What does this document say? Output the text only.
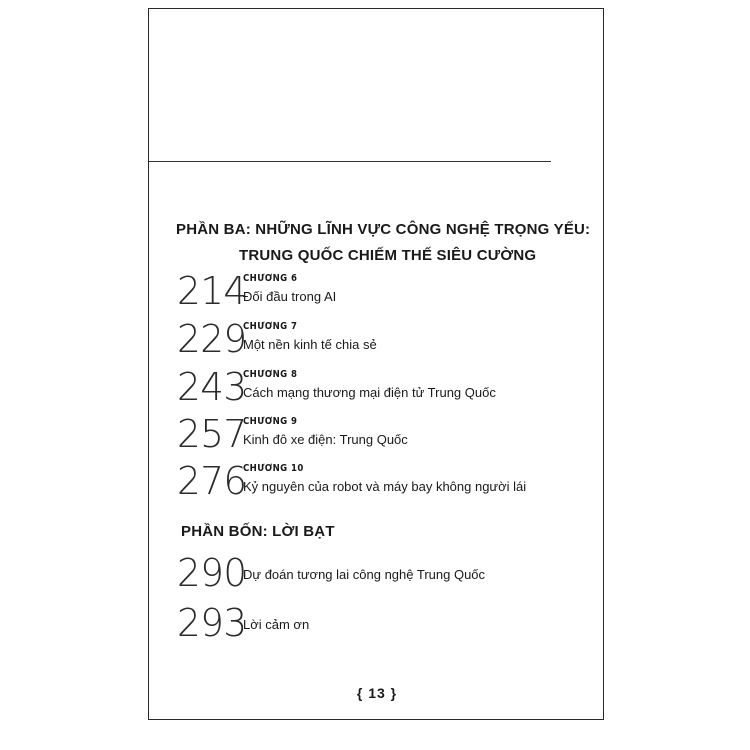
PHẦN BA: NHỮNG LĨNH VỰC CÔNG NGHỆ TRỌNG YẾU:
TRUNG QUỐC CHIẾM THẾ SIÊU CƯỜNG
214
CHƯƠNG 6
Đối đầu trong AI
229
CHƯƠNG 7
Một nền kinh tế chia sẻ
243
CHƯƠNG 8
Cách mạng thương mại điện tử Trung Quốc
257
CHƯƠNG 9
Kinh đô xe điện: Trung Quốc
276
CHƯƠNG 10
Kỷ nguyên của robot và máy bay không người lái
PHẦN BỐN: LỜI BẠT
290
Dự đoán tương lai công nghệ Trung Quốc
293
Lời cảm ơn
{ 13 }
